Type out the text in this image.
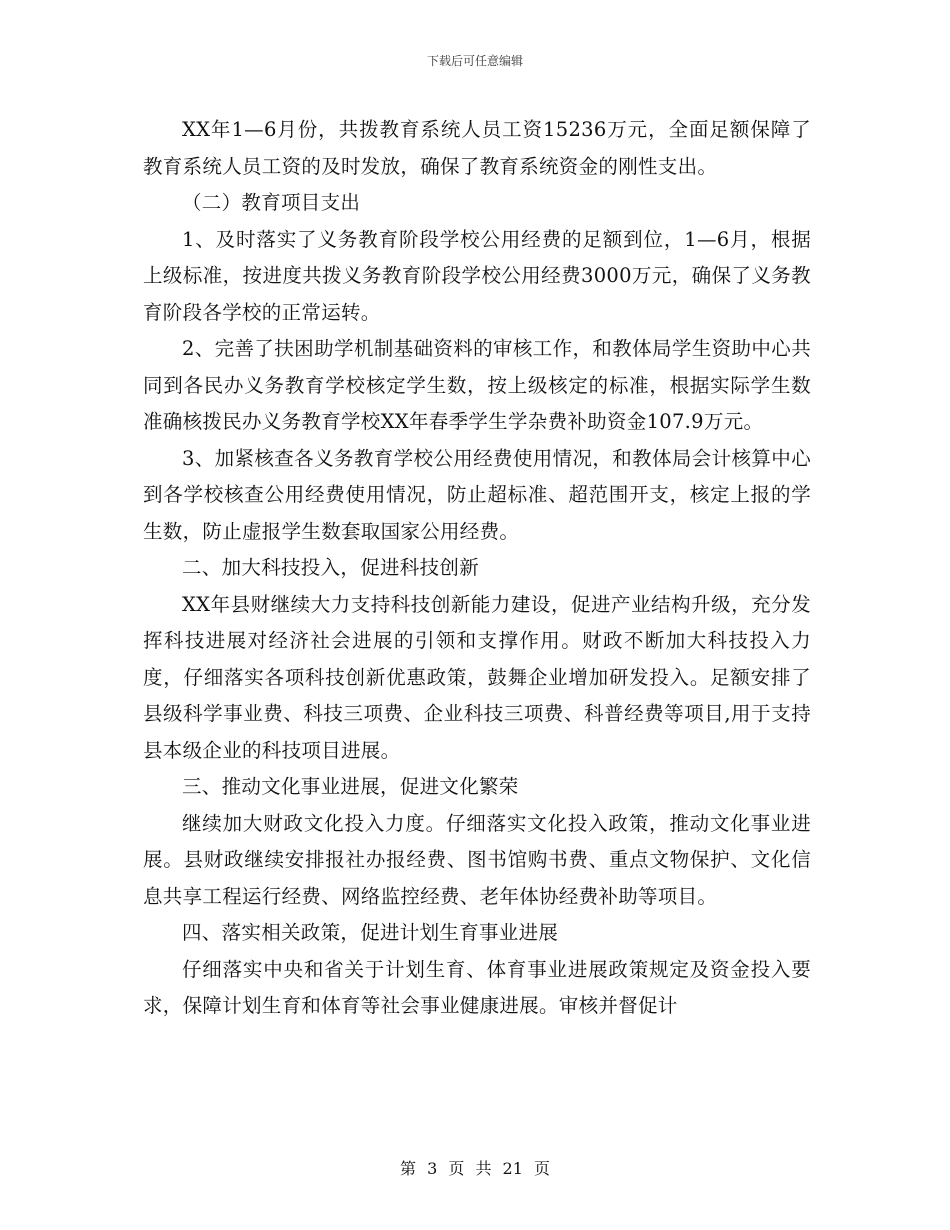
下载后可任意编辑

XX年1—6月份，共拨教育系统人员工资15236万元，全面足额保障了教育系统人员工资的及时发放，确保了教育系统资金的刚性支出。

（二）教育项目支出

1、及时落实了义务教育阶段学校公用经费的足额到位，1—6月，根据上级标准，按进度共拨义务教育阶段学校公用经费3000万元，确保了义务教育阶段各学校的正常运转。

2、完善了扶困助学机制基础资料的审核工作，和教体局学生资助中心共同到各民办义务教育学校核定学生数，按上级核定的标准，根据实际学生数准确核拨民办义务教育学校XX年春季学生学杂费补助资金107.9万元。

3、加紧核查各义务教育学校公用经费使用情况，和教体局会计核算中心到各学校核查公用经费使用情况，防止超标准、超范围开支，核定上报的学生数，防止虚报学生数套取国家公用经费。

二、加大科技投入，促进科技创新

XX年县财继续大力支持科技创新能力建设，促进产业结构升级，充分发挥科技进展对经济社会进展的引领和支撑作用。财政不断加大科技投入力度，仔细落实各项科技创新优惠政策，鼓舞企业增加研发投入。足额安排了县级科学事业费、科技三项费、企业科技三项费、科普经费等项目,用于支持县本级企业的科技项目进展。

三、推动文化事业进展，促进文化繁荣

继续加大财政文化投入力度。仔细落实文化投入政策，推动文化事业进展。县财政继续安排报社办报经费、图书馆购书费、重点文物保护、文化信息共享工程运行经费、网络监控经费、老年体协经费补助等项目。

四、落实相关政策，促进计划生育事业进展

仔细落实中央和省关于计划生育、体育事业进展政策规定及资金投入要求，保障计划生育和体育等社会事业健康进展。审核并督促计

第 3 页 共 21 页
